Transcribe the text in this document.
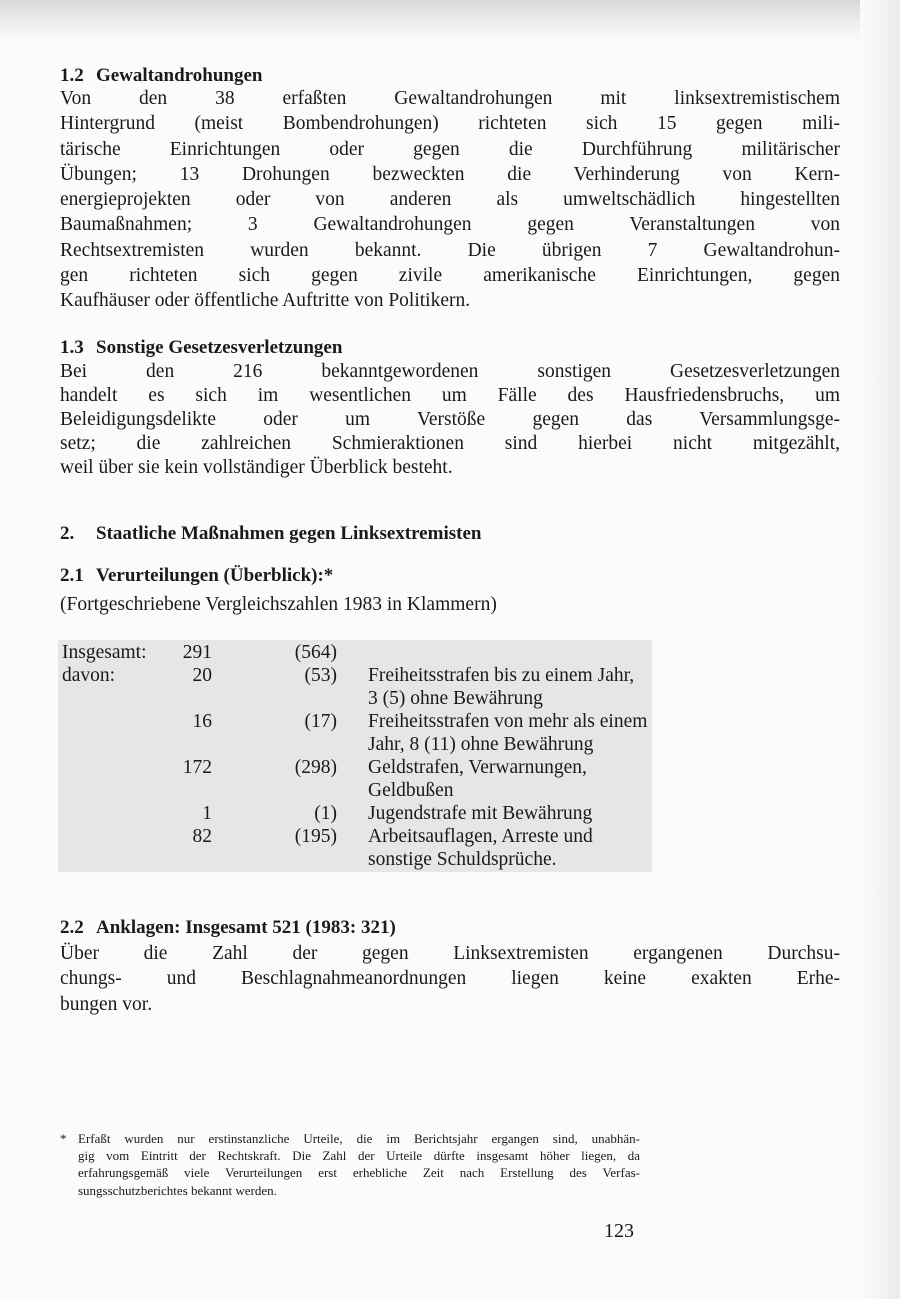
1.2 Gewaltandrohungen
Von den 38 erfaßten Gewaltandrohungen mit linksextremistischem
Hintergrund (meist Bombendrohungen) richteten sich 15 gegen mili-
tärische Einrichtungen oder gegen die Durchführung militärischer
Übungen; 13 Drohungen bezweckten die Verhinderung von Kern-
energieprojekten oder von anderen als umweltschädlich hingestellten
Baumaßnahmen; 3 Gewaltandrohungen gegen Veranstaltungen von
Rechtsextremisten wurden bekannt. Die übrigen 7 Gewaltandrohun-
gen richteten sich gegen zivile amerikanische Einrichtungen, gegen
Kaufhäuser oder öffentliche Auftritte von Politikern.
1.3 Sonstige Gesetzesverletzungen
Bei den 216 bekanntgewordenen sonstigen Gesetzesverletzungen
handelt es sich im wesentlichen um Fälle des Hausfriedensbruchs, um
Beleidigungsdelikte oder um Verstöße gegen das Versammlungsge-
setz; die zahlreichen Schmieraktionen sind hierbei nicht mitgezählt,
weil über sie kein vollständiger Überblick besteht.
2. Staatliche Maßnahmen gegen Linksextremisten
2.1 Verurteilungen (Überblick):*
(Fortgeschriebene Vergleichszahlen 1983 in Klammern)
Insgesamt:	291	(564)
davon:	20	(53) Freiheitsstrafen bis zu einem Jahr,
3 (5) ohne Bewährung
16	(17) Freiheitsstrafen von mehr als einem
Jahr, 8 (11) ohne Bewährung
172	(298) Geldstrafen, Verwarnungen,
Geldbußen
1	(1) Jugendstrafe mit Bewährung
82	(195) Arbeitsauflagen, Arreste und
sonstige Schuldsprüche.
2.2 Anklagen: Insgesamt 521 (1983: 321)
Über die Zahl der gegen Linksextremisten ergangenen Durchsu-
chungs- und Beschlagnahmeanordnungen liegen keine exakten Erhe-
bungen vor.
* Erfaßt wurden nur erstinstanzliche Urteile, die im Berichtsjahr ergangen sind, unabhän-
gig vom Eintritt der Rechtskraft. Die Zahl der Urteile dürfte insgesamt höher liegen, da
erfahrungsgemäß viele Verurteilungen erst erhebliche Zeit nach Erstellung des Verfas-
sungsschutzberichtes bekannt werden.
123
